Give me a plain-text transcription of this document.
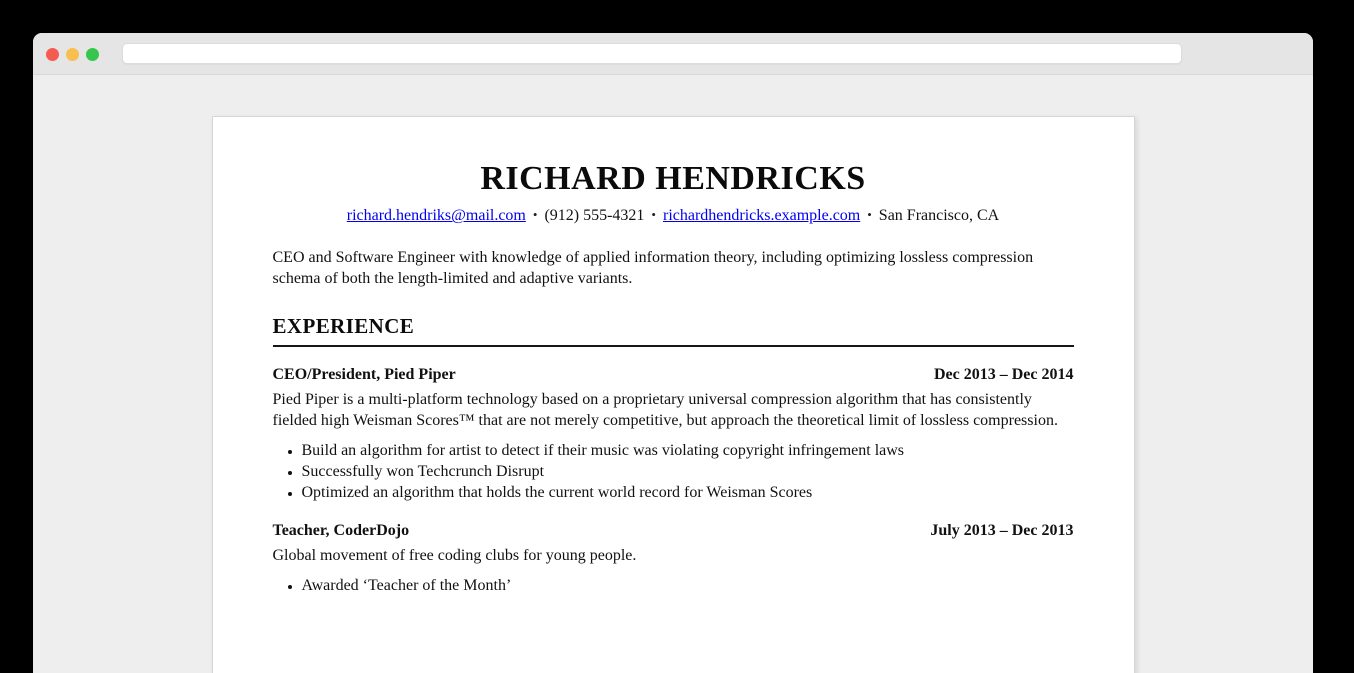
RICHARD HENDRICKS
richard.hendriks@mail.com • (912) 555-4321 • richardhendricks.example.com • San Francisco, CA

CEO and Software Engineer with knowledge of applied information theory, including optimizing lossless compression schema of both the length-limited and adaptive variants.

EXPERIENCE
CEO/President, Pied Piper	Dec 2013 – Dec 2014

Pied Piper is a multi-platform technology based on a proprietary universal compression algorithm that has consistently fielded high Weisman Scores™ that are not merely competitive, but approach the theoretical limit of lossless compression.

• Build an algorithm for artist to detect if their music was violating copyright infringement laws
• Successfully won Techcrunch Disrupt
• Optimized an algorithm that holds the current world record for Weisman Scores
Teacher, CoderDojo	July 2013 – Dec 2013

Global movement of free coding clubs for young people.

• Awarded ‘Teacher of the Month’
